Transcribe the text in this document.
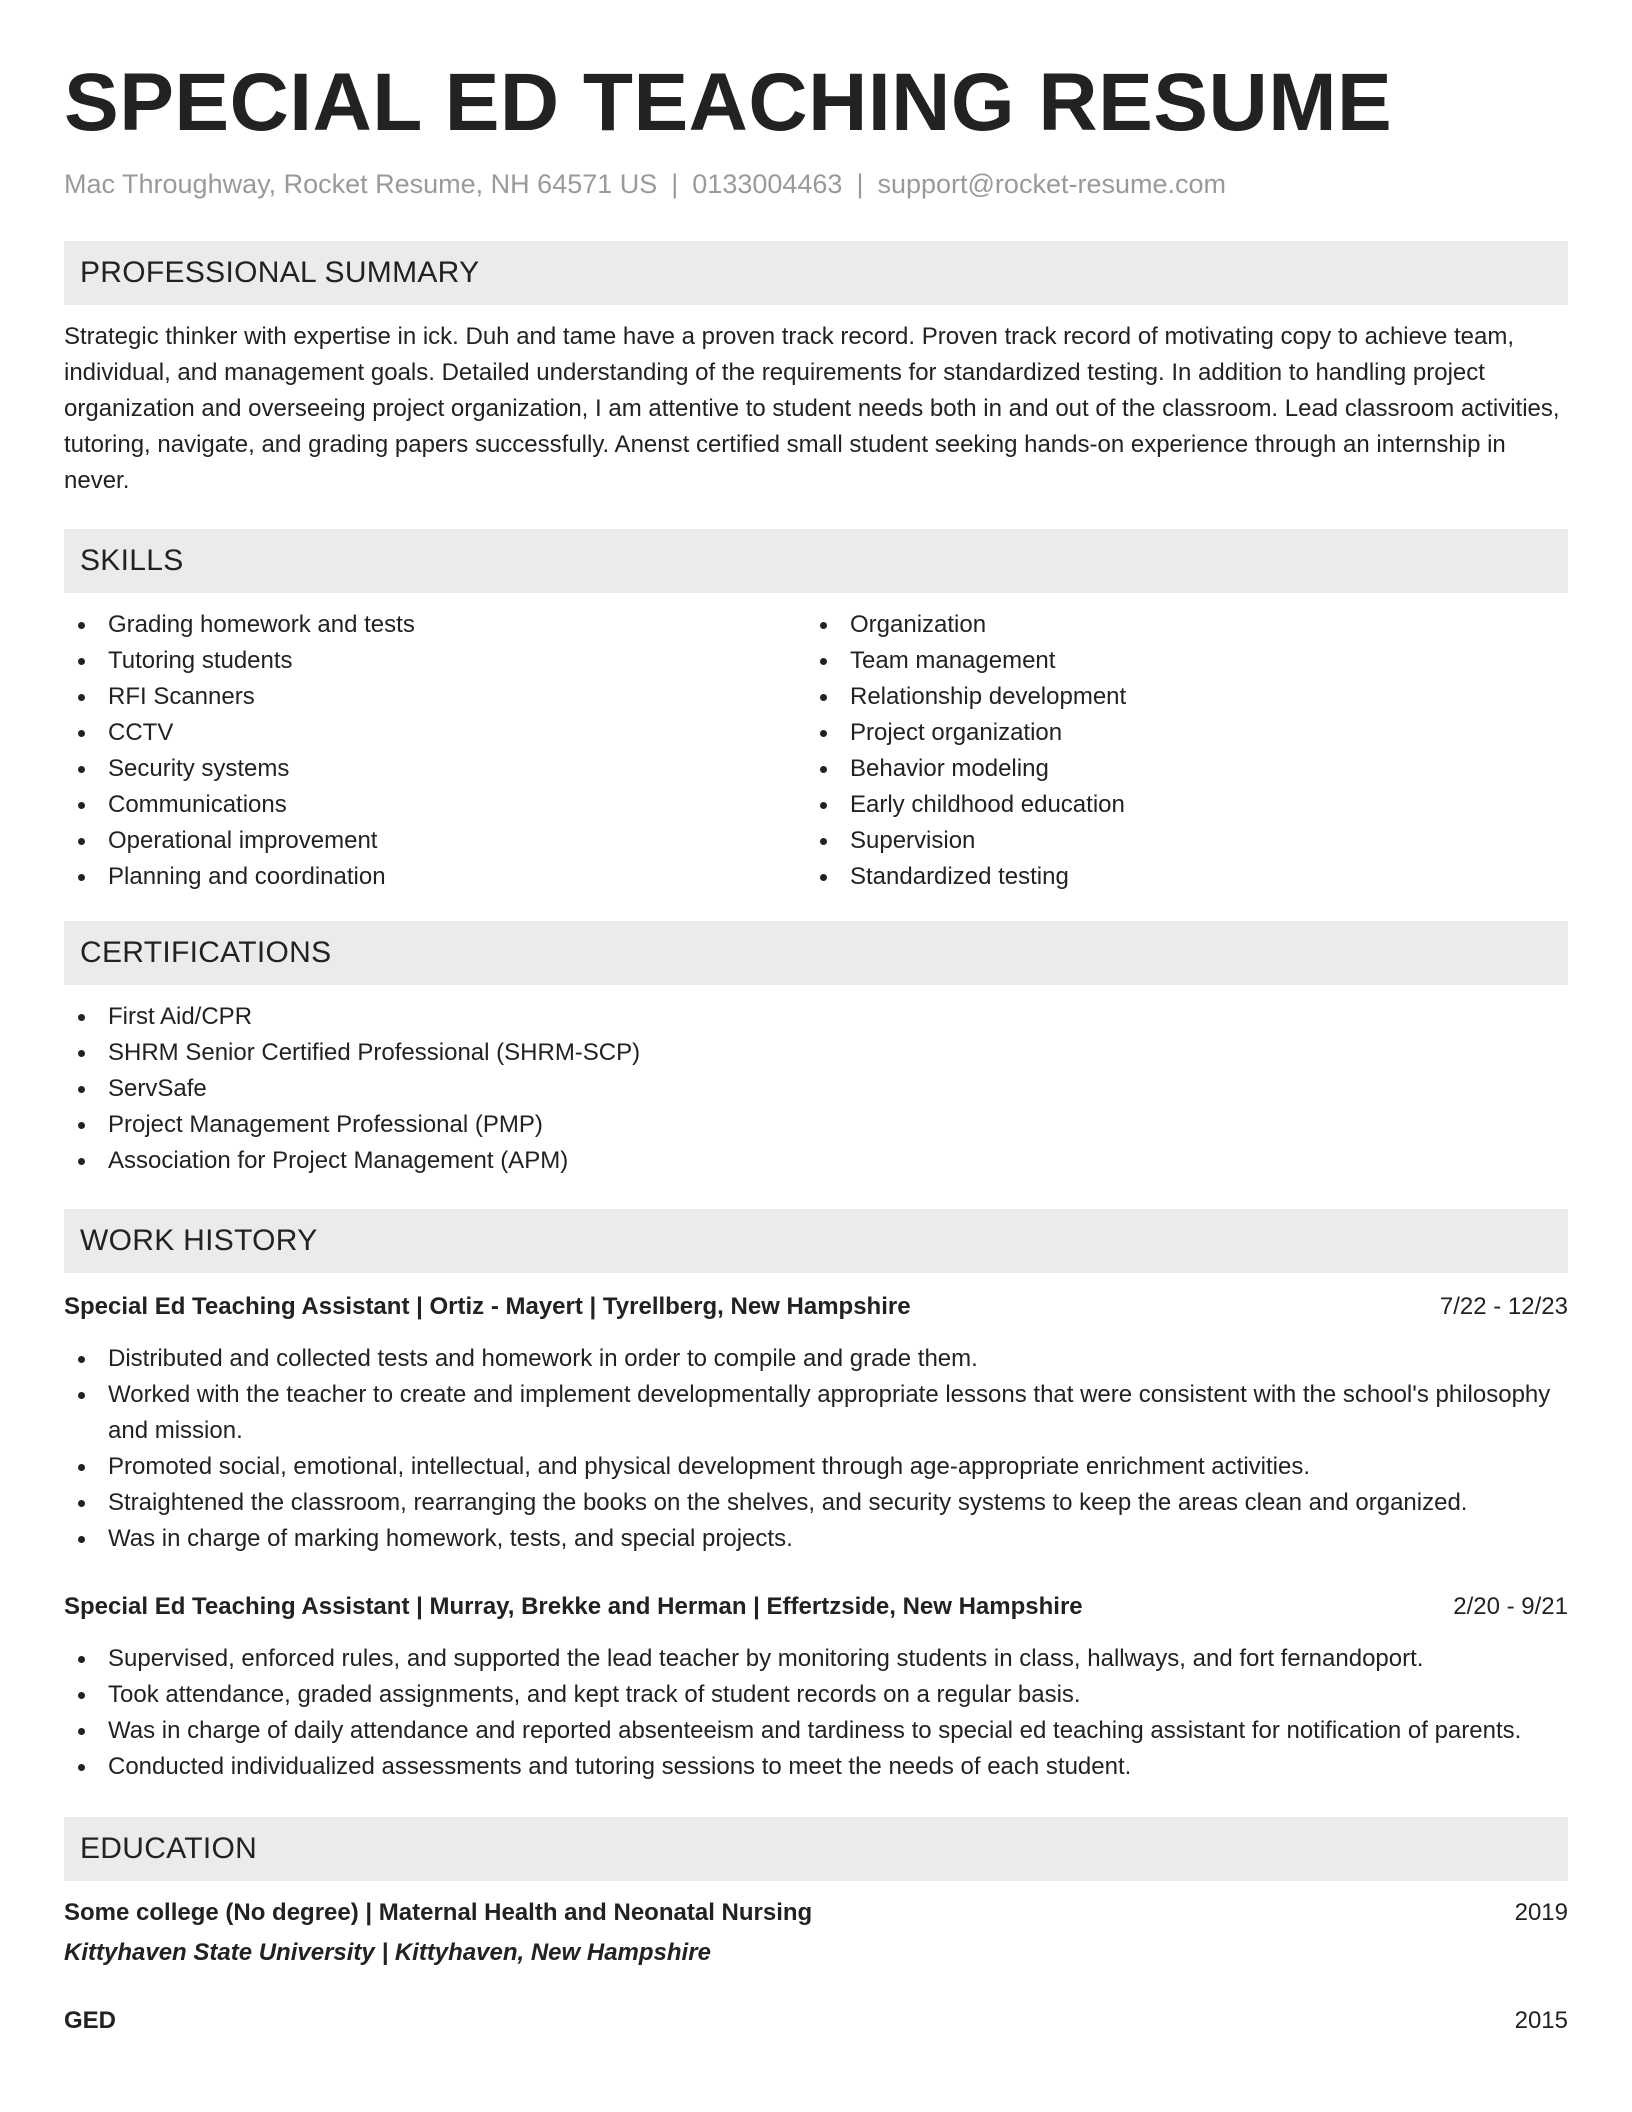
SPECIAL ED TEACHING RESUME
Mac Throughway, Rocket Resume, NH 64571 US | 0133004463 | support@rocket-resume.com
PROFESSIONAL SUMMARY

Strategic thinker with expertise in ick. Duh and tame have a proven track record. Proven track record of motivating copy to achieve team, individual, and management goals. Detailed understanding of the requirements for standardized testing. In addition to handling project organization and overseeing project organization, I am attentive to student needs both in and out of the classroom. Lead classroom activities, tutoring, navigate, and grading papers successfully. Anenst certified small student seeking hands-on experience through an internship in never.

SKILLS
Grading homework and tests
Tutoring students
RFI Scanners
CCTV
Security systems
Communications
Operational improvement
Planning and coordination
Organization
Team management
Relationship development
Project organization
Behavior modeling
Early childhood education
Supervision
Standardized testing
CERTIFICATIONS
First Aid/CPR
SHRM Senior Certified Professional (SHRM-SCP)
ServSafe
Project Management Professional (PMP)
Association for Project Management (APM)
WORK HISTORY
Special Ed Teaching Assistant | Ortiz - Mayert | Tyrellberg, New Hampshire	7/22 - 12/23
Distributed and collected tests and homework in order to compile and grade them.
Worked with the teacher to create and implement developmentally appropriate lessons that were consistent with the school's philosophy and mission.
Promoted social, emotional, intellectual, and physical development through age-appropriate enrichment activities.
Straightened the classroom, rearranging the books on the shelves, and security systems to keep the areas clean and organized.
Was in charge of marking homework, tests, and special projects.
Special Ed Teaching Assistant | Murray, Brekke and Herman | Effertzside, New Hampshire	2/20 - 9/21
Supervised, enforced rules, and supported the lead teacher by monitoring students in class, hallways, and fort fernandoport.
Took attendance, graded assignments, and kept track of student records on a regular basis.
Was in charge of daily attendance and reported absenteeism and tardiness to special ed teaching assistant for notification of parents.
Conducted individualized assessments and tutoring sessions to meet the needs of each student.
EDUCATION
Some college (No degree) | Maternal Health and Neonatal Nursing	2019
Kittyhaven State University | Kittyhaven, New Hampshire
GED	2015
